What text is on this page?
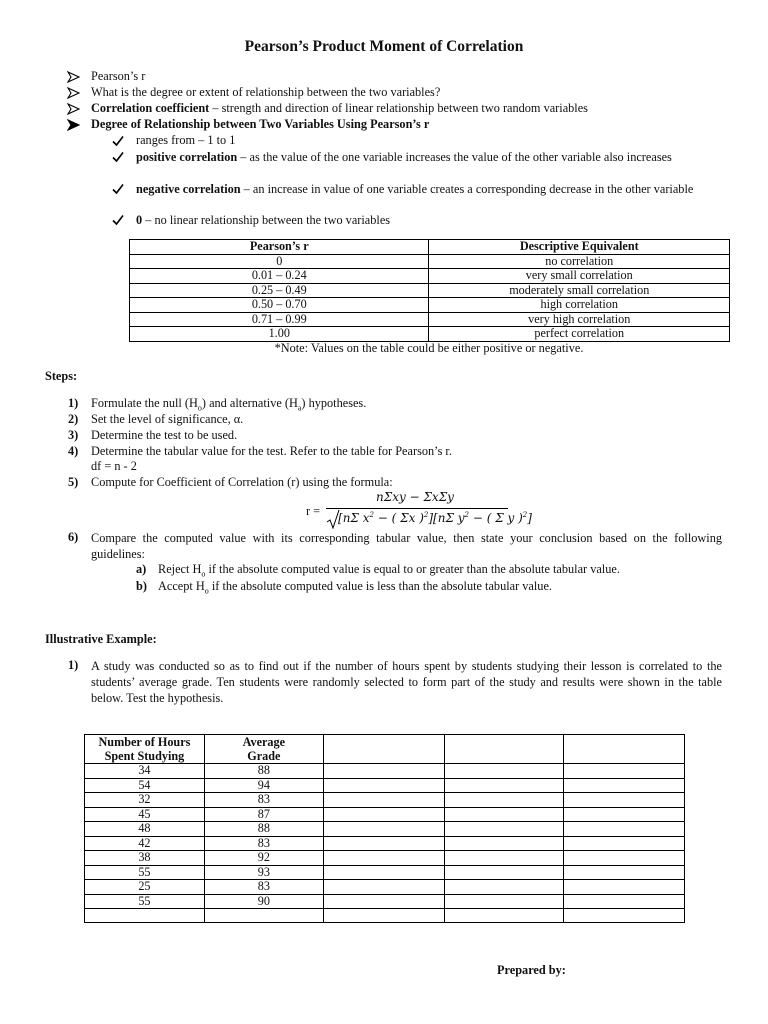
Pearson’s Product Moment of Correlation
Pearson’s r
What is the degree or extent of relationship between the two variables?
Correlation coefficient – strength and direction of linear relationship between two random variables
Degree of Relationship between Two Variables Using Pearson’s r
ranges from – 1 to 1
positive correlation – as the value of the one variable increases the value of the other variable also increases
negative correlation – an increase in value of one variable creates a corresponding decrease in the other variable
0 – no linear relationship between the two variables
Pearson’s r	Descriptive Equivalent
0	no correlation
0.01 – 0.24	very small correlation
0.25 – 0.49	moderately small correlation
0.50 – 0.70	high correlation
0.71 – 0.99	very high correlation
1.00	perfect correlation
*Note: Values on the table could be either positive or negative.
Steps:
1) Formulate the null $(H_o)$ and alternative $(H_a)$ hypotheses.
2) Set the level of significance, α.
3) Determine the test to be used.
4) Determine the tabular value for the test. Refer to the table for Pearson’s r.
df = n - 2
5) Compute for Coefficient of Correlation (r) using the formula:
r =
nΣxy − ΣxΣy
[nΣ $x^2$ − ( Σx )$^2$][nΣ $y^2$ − ( Σ y )$^2$]
6) Compare the computed value with its corresponding tabular value, then state your conclusion based on the following guidelines:
a) Reject $H_o$ if the absolute computed value is equal to or greater than the absolute tabular value.
b) Accept $H_o$ if the absolute computed value is less than the absolute tabular value.
Illustrative Example:
1) A study was conducted so as to find out if the number of hours spent by students studying their lesson is correlated to the students’ average grade. Ten students were randomly selected to form part of the study and results were shown in the table below. Test the hypothesis.
Number of Hours Spent Studying	Average Grade			
34	88			
54	94			
32	83			
45	87			
48	88			
42	83			
38	92			
55	93			
25	83			
55	90			

Prepared by:
